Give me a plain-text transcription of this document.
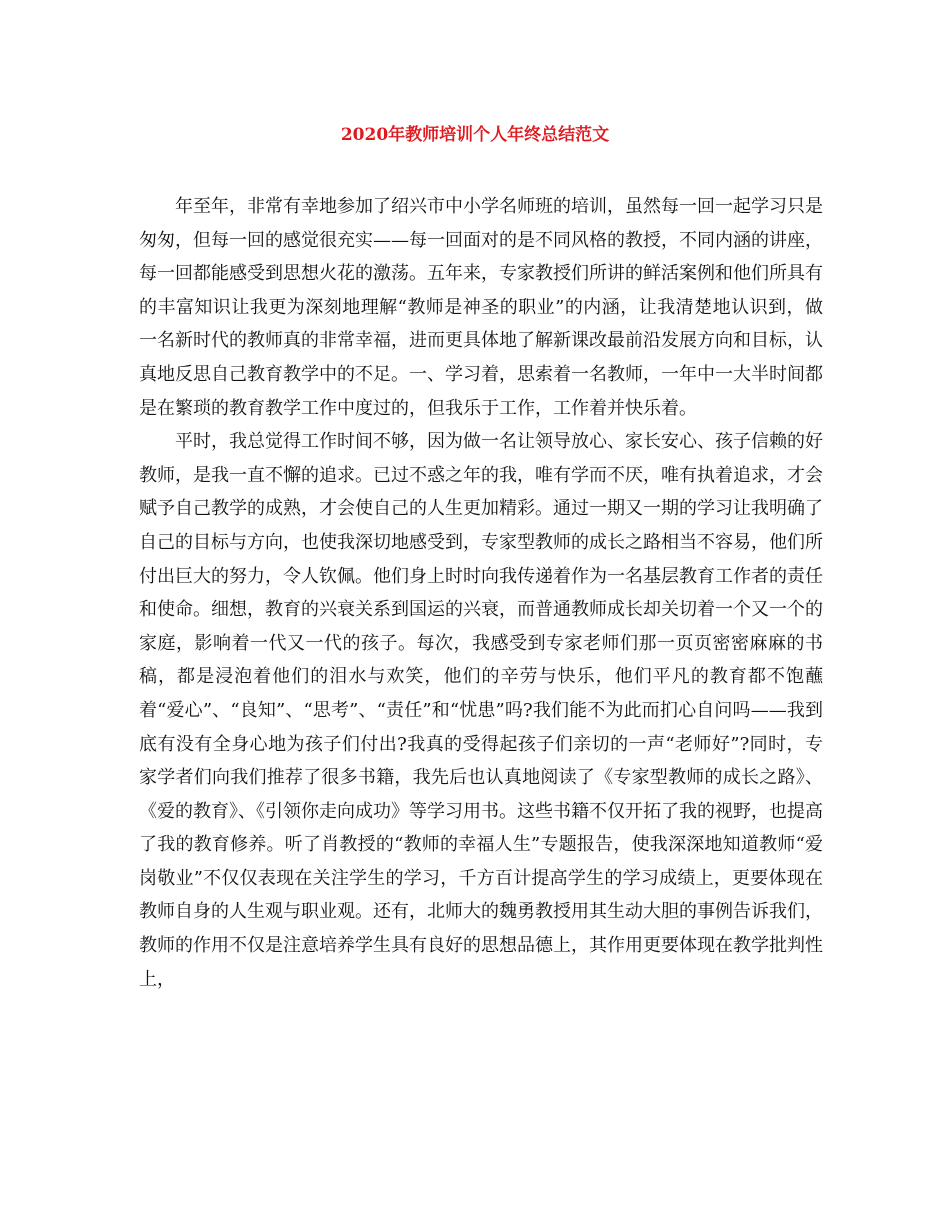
2020年教师培训个人年终总结范文

年至年，非常有幸地参加了绍兴市中小学名师班的培训，虽然每一回一起学习只是匆匆，但每一回的感觉很充实——每一回面对的是不同风格的教授，不同内涵的讲座，每一回都能感受到思想火花的激荡。五年来，专家教授们所讲的鲜活案例和他们所具有的丰富知识让我更为深刻地理解“教师是神圣的职业”的内涵，让我清楚地认识到，做一名新时代的教师真的非常幸福，进而更具体地了解新课改最前沿发展方向和目标，认真地反思自己教育教学中的不足。一、学习着，思索着一名教师，一年中一大半时间都是在繁琐的教育教学工作中度过的，但我乐于工作，工作着并快乐着。

平时，我总觉得工作时间不够，因为做一名让领导放心、家长安心、孩子信赖的好教师，是我一直不懈的追求。已过不惑之年的我，唯有学而不厌，唯有执着追求，才会赋予自己教学的成熟，才会使自己的人生更加精彩。通过一期又一期的学习让我明确了自己的目标与方向，也使我深切地感受到，专家型教师的成长之路相当不容易，他们所付出巨大的努力，令人钦佩。他们身上时时向我传递着作为一名基层教育工作者的责任和使命。细想，教育的兴衰关系到国运的兴衰，而普通教师成长却关切着一个又一个的家庭，影响着一代又一代的孩子。每次，我感受到专家老师们那一页页密密麻麻的书稿，都是浸泡着他们的泪水与欢笑，他们的辛劳与快乐，他们平凡的教育都不饱蘸着“爱心”、“良知”、“思考”、“责任”和“忧患”吗?我们能不为此而扪心自问吗——我到底有没有全身心地为孩子们付出?我真的受得起孩子们亲切的一声“老师好”?同时，专家学者们向我们推荐了很多书籍，我先后也认真地阅读了《专家型教师的成长之路》、《爱的教育》、《引领你走向成功》等学习用书。这些书籍不仅开拓了我的视野，也提高了我的教育修养。听了肖教授的“教师的幸福人生”专题报告，使我深深地知道教师“爱岗敬业”不仅仅表现在关注学生的学习，千方百计提高学生的学习成绩上，更要体现在教师自身的人生观与职业观。还有，北师大的魏勇教授用其生动大胆的事例告诉我们，教师的作用不仅是注意培养学生具有良好的思想品德上，其作用更要体现在教学批判性上，
